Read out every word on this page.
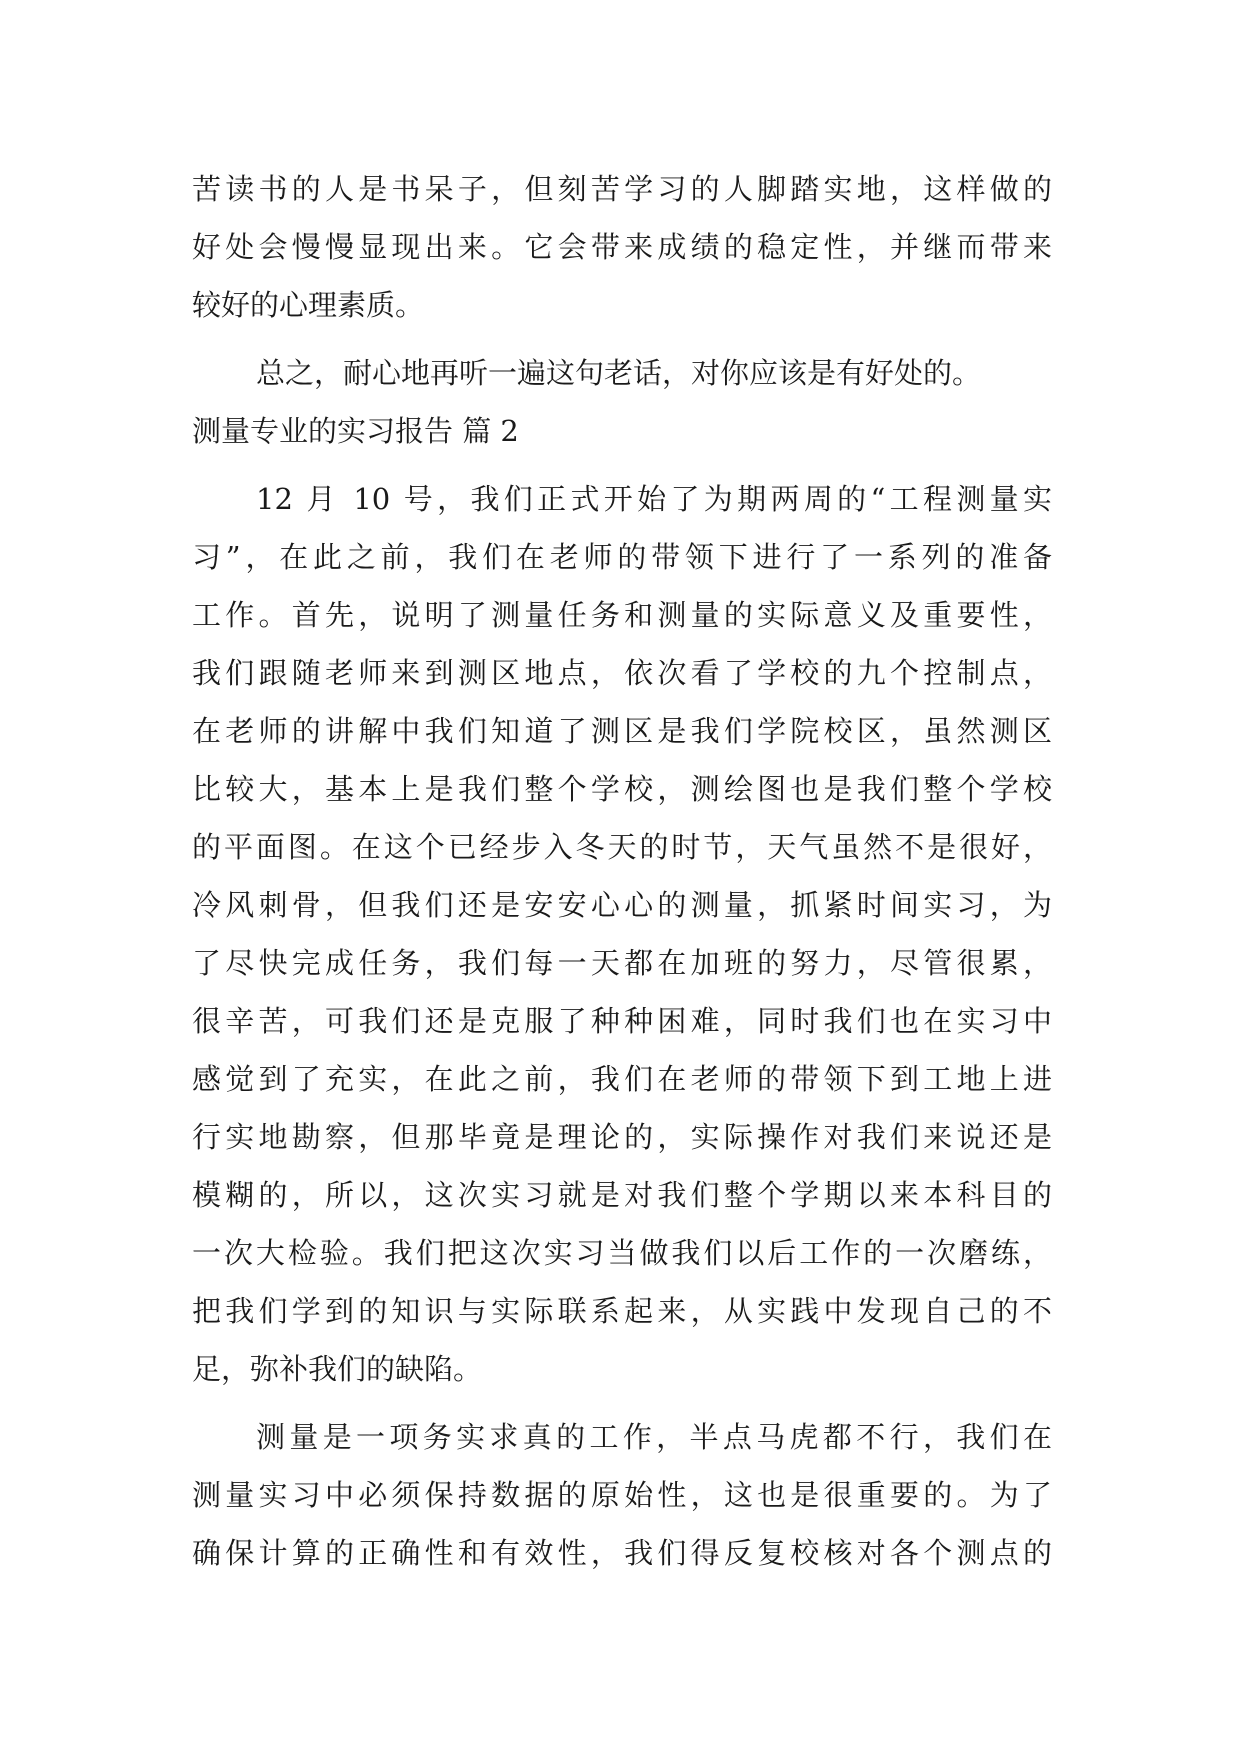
苦读书的人是书呆子，但刻苦学习的人脚踏实地，这样做的
好处会慢慢显现出来。它会带来成绩的稳定性，并继而带来
较好的心理素质。
总之，耐心地再听一遍这句老话，对你应该是有好处的。
测量专业的实习报告 篇 2
12 月 10 号，我们正式开始了为期两周的“工程测量实
习”，在此之前，我们在老师的带领下进行了一系列的准备
工作。首先，说明了测量任务和测量的实际意义及重要性，
我们跟随老师来到测区地点，依次看了学校的九个控制点，
在老师的讲解中我们知道了测区是我们学院校区，虽然测区
比较大，基本上是我们整个学校，测绘图也是我们整个学校
的平面图。在这个已经步入冬天的时节，天气虽然不是很好，
冷风刺骨，但我们还是安安心心的测量，抓紧时间实习，为
了尽快完成任务，我们每一天都在加班的努力，尽管很累，
很辛苦，可我们还是克服了种种困难，同时我们也在实习中
感觉到了充实，在此之前，我们在老师的带领下到工地上进
行实地勘察，但那毕竟是理论的，实际操作对我们来说还是
模糊的，所以，这次实习就是对我们整个学期以来本科目的
一次大检验。我们把这次实习当做我们以后工作的一次磨练，
把我们学到的知识与实际联系起来，从实践中发现自己的不
足，弥补我们的缺陷。
测量是一项务实求真的工作，半点马虎都不行，我们在
测量实习中必须保持数据的原始性，这也是很重要的。为了
确保计算的正确性和有效性，我们得反复校核对各个测点的
